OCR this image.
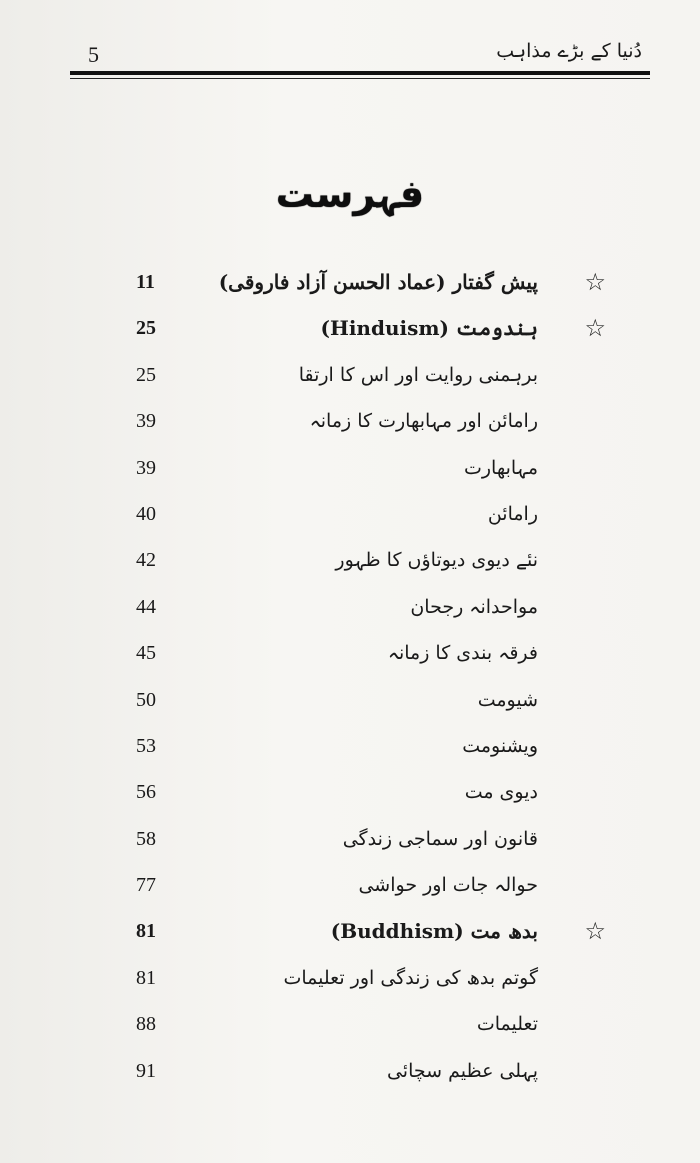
5	دُنیا کے بڑے مذاہب
فہرست
☆
پیش گفتار (عماد الحسن آزاد فاروقی)
11
☆
ہندومت (Hinduism)
25
برہمنی روایت اور اس کا ارتقا
25
رامائن اور مہابھارت کا زمانہ
39
مہابھارت
39
رامائن
40
نئے دیوی دیوتاؤں کا ظہور
42
مواحدانہ رجحان
44
فرقہ بندی کا زمانہ
45
شیومت
50
ویشنومت
53
دیوی مت
56
قانون اور سماجی زندگی
58
حوالہ جات اور حواشی
77
☆
بدھ مت (Buddhism)
81
گوتم بدھ کی زندگی اور تعلیمات
81
تعلیمات
88
پہلی عظیم سچائی
91
